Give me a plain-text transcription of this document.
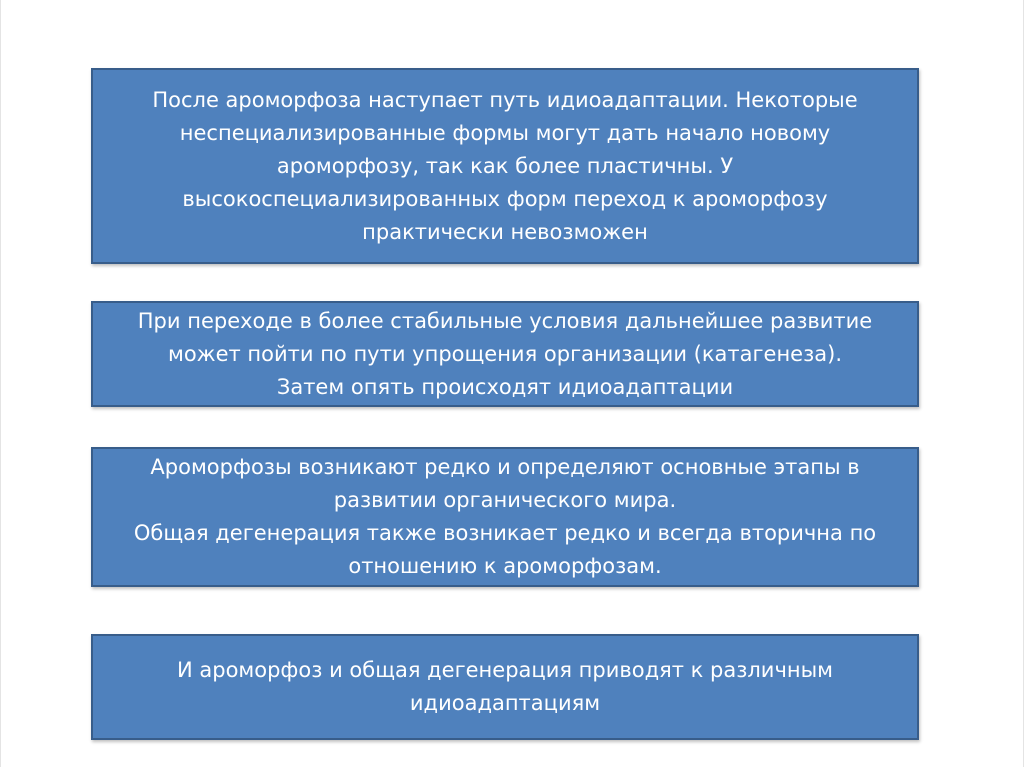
После ароморфоза наступает путь идиоадаптации. Некоторые
неспециализированные формы могут дать начало новому
ароморфозу, так как более пластичны. У
высокоспециализированных форм переход к ароморфозу
практически невозможен

При переходе в более стабильные условия дальнейшее развитие
может пойти по пути упрощения организации (катагенеза).
Затем опять происходят идиоадаптации

Ароморфозы возникают редко и определяют основные этапы в
развитии органического мира.
Общая дегенерация также возникает редко и всегда вторична по
отношению к ароморфозам.

И ароморфоз и общая дегенерация приводят к различным
идиоадаптациям
